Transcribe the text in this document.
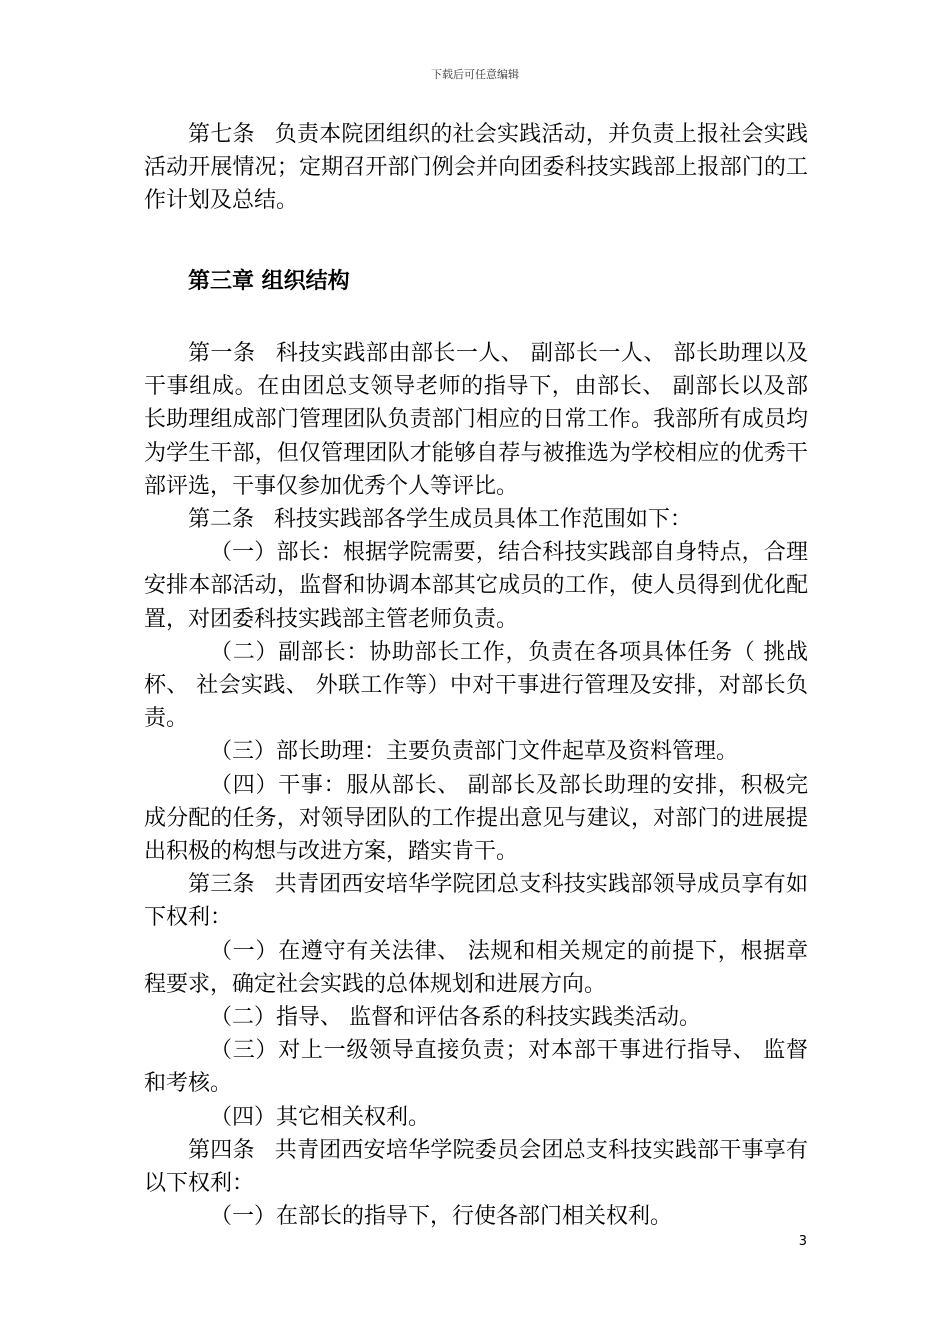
下载后可任意编辑

第七条 负责本院团组织的社会实践活动，并负责上报社会实践活动开展情况；定期召开部门例会并向团委科技实践部上报部门的工作计划及总结。

第三章 组织结构

第一条 科技实践部由部长一人、 副部长一人、 部长助理以及干事组成。在由团总支领导老师的指导下，由部长、 副部长以及部长助理组成部门管理团队负责部门相应的日常工作。我部所有成员均为学生干部，但仅管理团队才能够自荐与被推选为学校相应的优秀干部评选，干事仅参加优秀个人等评比。

第二条 科技实践部各学生成员具体工作范围如下：

（一）部长：根据学院需要，结合科技实践部自身特点，合理安排本部活动，监督和协调本部其它成员的工作，使人员得到优化配置，对团委科技实践部主管老师负责。

（二）副部长：协助部长工作，负责在各项具体任务（ 挑战杯、 社会实践、 外联工作等）中对干事进行管理及安排，对部长负责。

（三）部长助理：主要负责部门文件起草及资料管理。

（四）干事：服从部长、 副部长及部长助理的安排，积极完成分配的任务，对领导团队的工作提出意见与建议，对部门的进展提出积极的构想与改进方案，踏实肯干。

第三条 共青团西安培华学院团总支科技实践部领导成员享有如下权利：

（一）在遵守有关法律、 法规和相关规定的前提下，根据章程要求，确定社会实践的总体规划和进展方向。

（二）指导、 监督和评估各系的科技实践类活动。

（三）对上一级领导直接负责；对本部干事进行指导、 监督和考核。

（四）其它相关权利。

第四条 共青团西安培华学院委员会团总支科技实践部干事享有以下权利：

（一）在部长的指导下，行使各部门相关权利。

3
